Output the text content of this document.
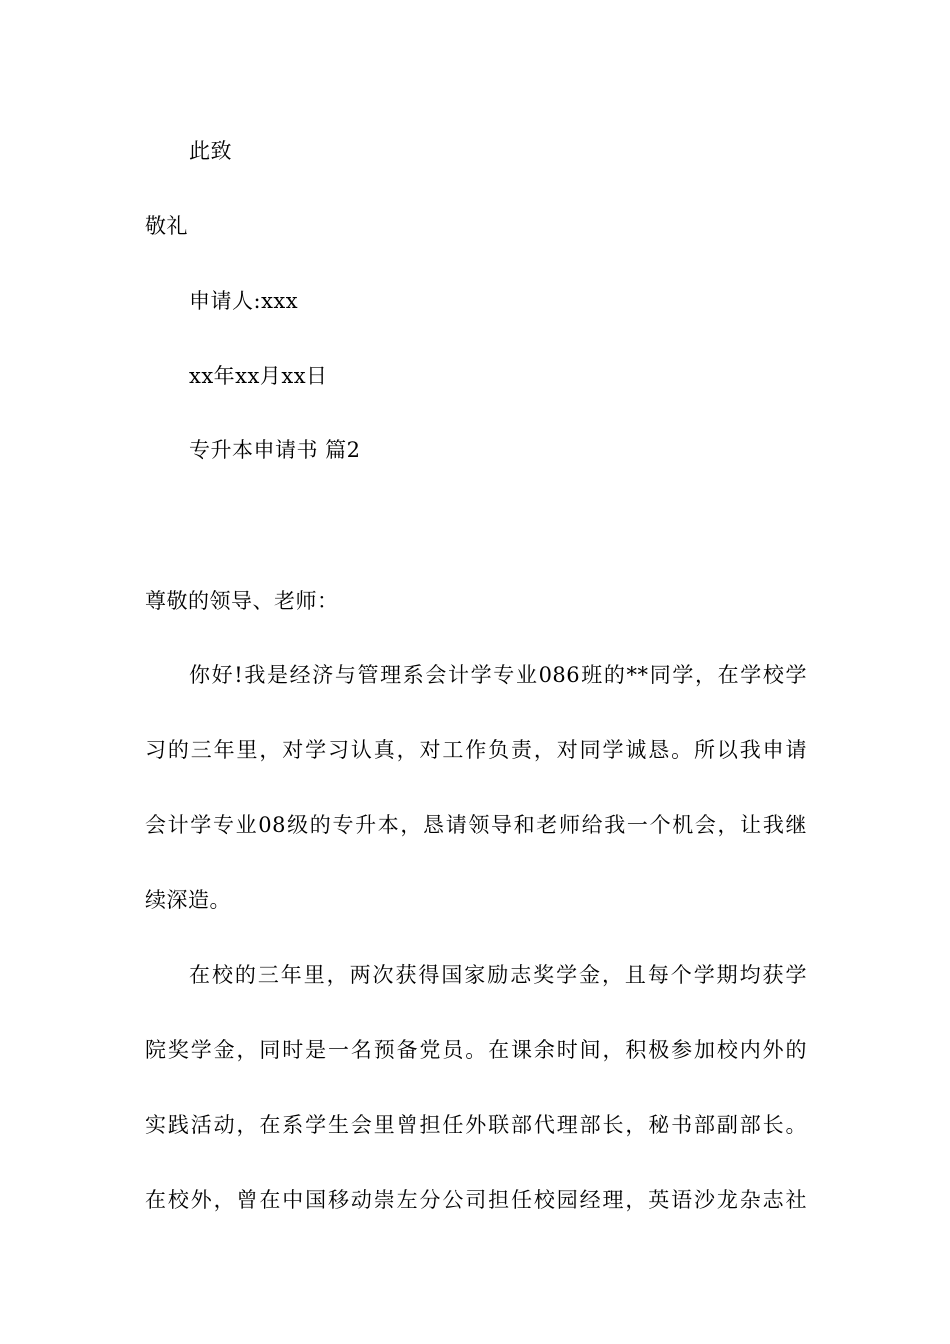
此致
敬礼
申请人:xxx
xx年xx月xx日
专升本申请书 篇2
尊敬的领导、老师：
你好!我是经济与管理系会计学专业086班的**同学，在学校学
习的三年里，对学习认真，对工作负责，对同学诚恳。所以我申请
会计学专业08级的专升本，恳请领导和老师给我一个机会，让我继
续深造。
在校的三年里，两次获得国家励志奖学金，且每个学期均获学
院奖学金，同时是一名预备党员。在课余时间，积极参加校内外的
实践活动，在系学生会里曾担任外联部代理部长，秘书部副部长。
在校外，曾在中国移动崇左分公司担任校园经理，英语沙龙杂志社
